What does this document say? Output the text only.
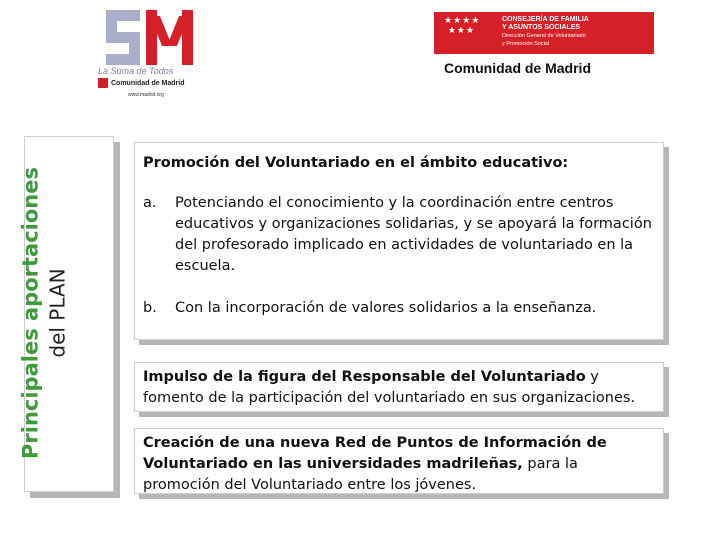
La Suma de Todos
Comunidad de Madrid
www.madrid.org
★★★★
★★★
CONSEJERÍA DE FAMILIA
Y ASUNTOS SOCIALES
Dirección General de Voluntariado
y Promoción Social
Comunidad de Madrid
Principales aportaciones del PLAN
Promoción del Voluntariado en el ámbito educativo:
a.	Potenciando el conocimiento y la coordinación entre centros educativos y organizaciones solidarias, y se apoyará la formación del profesorado implicado en actividades de voluntariado en la escuela.
b.	Con la incorporación de valores solidarios a la enseñanza.
Impulso de la figura del Responsable del Voluntariado y fomento de la participación del voluntariado en sus organizaciones.
Creación de una nueva Red de Puntos de Información de Voluntariado en las universidades madrileñas, para la promoción del Voluntariado entre los jóvenes.
